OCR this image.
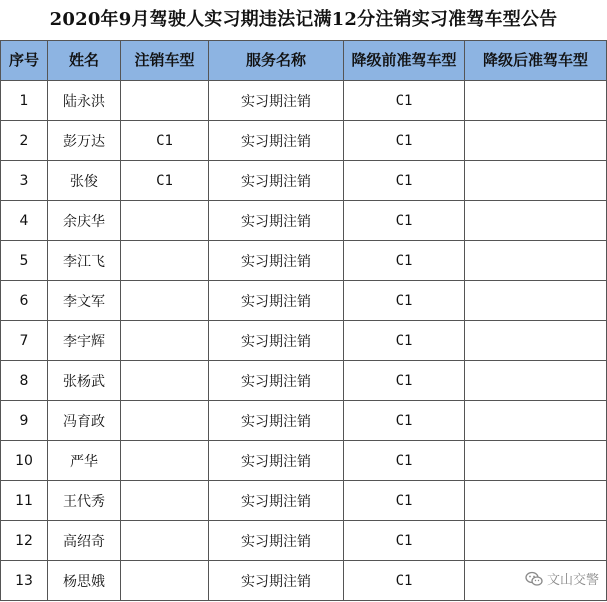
2020年9月驾驶人实习期违法记满12分注销实习准驾车型公告
序号	姓名	注销车型	服务名称	降级前准驾车型	降级后准驾车型
1	陆永洪		实习期注销	C1	
2	彭万达	C1	实习期注销	C1	
3	张俊	C1	实习期注销	C1	
4	余庆华		实习期注销	C1	
5	李江飞		实习期注销	C1	
6	李文军		实习期注销	C1	
7	李宇辉		实习期注销	C1	
8	张杨武		实习期注销	C1	
9	冯育政		实习期注销	C1	
10	严华		实习期注销	C1	
11	王代秀		实习期注销	C1	
12	高绍奇		实习期注销	C1	
13	杨思娥		实习期注销	C1		文山交警
